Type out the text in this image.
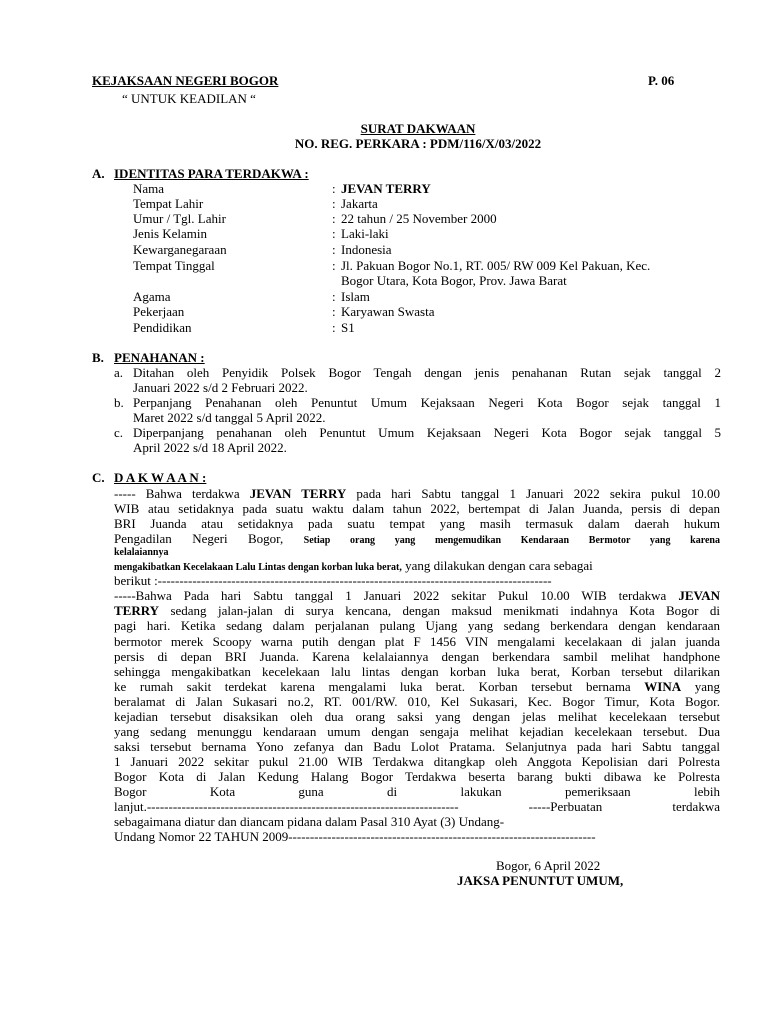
KEJAKSAAN NEGERI BOGOR	P. 06
“ UNTUK KEADILAN “
SURAT DAKWAAN
NO. REG. PERKARA : PDM/116/X/03/2022
A. IDENTITAS PARA TERDAKWA :
Nama	: JEVAN TERRY
Tempat Lahir	: Jakarta
Umur / Tgl. Lahir	: 22 tahun / 25 November 2000
Jenis Kelamin	: Laki-laki
Kewarganegaraan	: Indonesia
Tempat Tinggal	: Jl. Pakuan Bogor No.1, RT. 005/ RW 009 Kel Pakuan, Kec.
Bogor Utara, Kota Bogor, Prov. Jawa Barat
Agama	: Islam
Pekerjaan	: Karyawan Swasta
Pendidikan	: S1
B. PENAHANAN :
a. Ditahan oleh Penyidik Polsek Bogor Tengah dengan jenis penahanan Rutan sejak tanggal 2
Januari 2022 s/d 2 Februari 2022.
b. Perpanjang Penahanan oleh Penuntut Umum Kejaksaan Negeri Kota Bogor sejak tanggal 1
Maret 2022 s/d tanggal 5 April 2022.
c. Diperpanjang penahanan oleh Penuntut Umum Kejaksaan Negeri Kota Bogor sejak tanggal 5
April 2022 s/d 18 April 2022.
C. D A K W A A N :
----- Bahwa terdakwa JEVAN TERRY pada hari Sabtu tanggal 1 Januari 2022 sekira pukul 10.00
WIB atau setidaknya pada suatu waktu dalam tahun 2022, bertempat di Jalan Juanda, persis di depan
BRI Juanda atau setidaknya pada suatu tempat yang masih termasuk dalam daerah hukum
Pengadilan Negeri Bogor, Setiap orang yang mengemudikan Kendaraan Bermotor yang karena
kelalaiannya
mengakibatkan Kecelakaan Lalu Lintas dengan korban luka berat, yang dilakukan dengan cara sebagai
berikut :-------------------------------------------------------------------------------------------
-----Bahwa Pada hari Sabtu tanggal 1 Januari 2022 sekitar Pukul 10.00 WIB terdakwa JEVAN
TERRY sedang jalan-jalan di surya kencana, dengan maksud menikmati indahnya Kota Bogor di
pagi hari. Ketika sedang dalam perjalanan pulang Ujang yang sedang berkendara dengan kendaraan
bermotor merek Scoopy warna putih dengan plat F 1456 VIN mengalami kecelakaan di jalan juanda
persis di depan BRI Juanda. Karena kelalaiannya dengan berkendara sambil melihat handphone
sehingga mengakibatkan kecelekaan lalu lintas dengan korban luka berat, Korban tersebut dilarikan
ke rumah sakit terdekat karena mengalami luka berat. Korban tersebut bernama WINA yang
beralamat di Jalan Sukasari no.2, RT. 001/RW. 010, Kel Sukasari, Kec. Bogor Timur, Kota Bogor.
kejadian tersebut disaksikan oleh dua orang saksi yang dengan jelas melihat kecelekaan tersebut
yang sedang menunggu kendaraan umum dengan sengaja melihat kejadian kecelekaan tersebut. Dua
saksi tersebut bernama Yono zefanya dan Badu Lolot Pratama. Selanjutnya pada hari Sabtu tanggal
1 Januari 2022 sekitar pukul 21.00 WIB Terdakwa ditangkap oleh Anggota Kepolisian dari Polresta
Bogor Kota di Jalan Kedung Halang Bogor Terdakwa beserta barang bukti dibawa ke Polresta
Bogor Kota guna di lakukan pemeriksaan lebih
lanjut.------------------------------------------------------------------------ -----Perbuatan terdakwa
sebagaimana diatur dan diancam pidana dalam Pasal 310 Ayat (3) Undang-
Undang Nomor 22 TAHUN 2009-----------------------------------------------------------------------
Bogor, 6 April 2022
JAKSA PENUNTUT UMUM,
